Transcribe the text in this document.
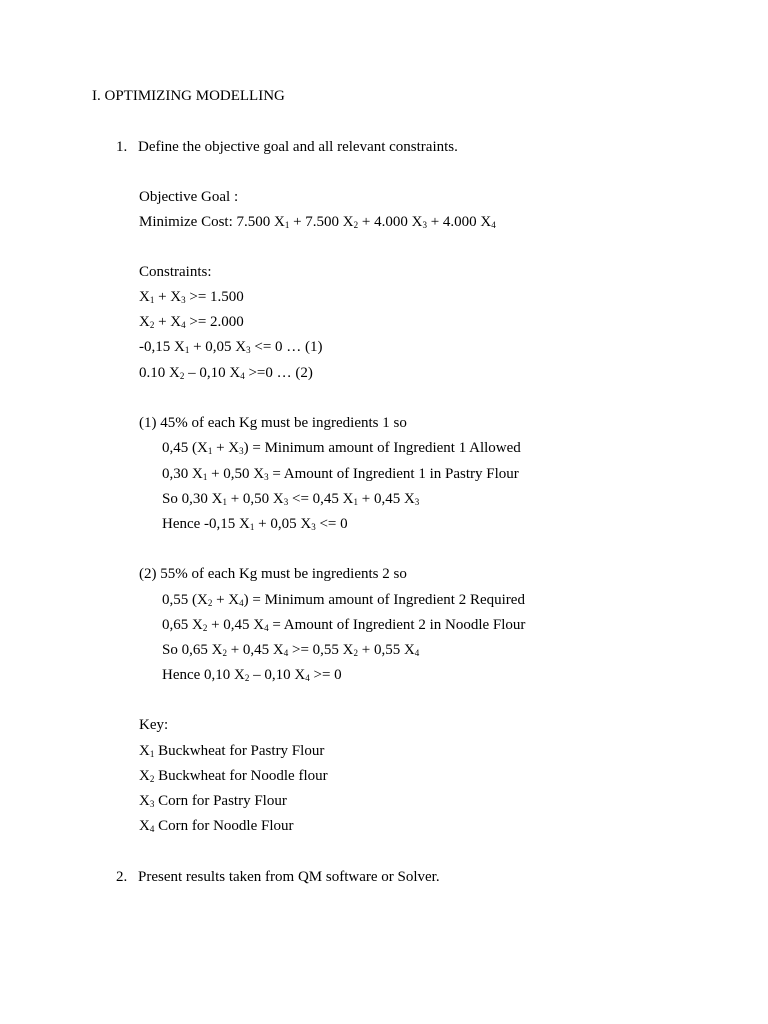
I. OPTIMIZING MODELLING
1. Define the objective goal and all relevant constraints.
Objective Goal :
Minimize Cost: 7.500 $X_1 + 7.500$ $X_2 + 4.000$ $X_3 + 4.000$ $X_4$
Constraints:
$X_1 + X_3 >= 1.500$
$X_2 + X_4 >= 2.000$
-0,15 $X_1 + 0,05$ $X_3 <= 0$ … (1)
0.10 $X_2 - 0,10$ $X_4 >=0$ … (2)
(1) 45% of each Kg must be ingredients 1 so
0,45 $(X_1 + X_3)$ = Minimum amount of Ingredient 1 Allowed
0,30 $X_1 + 0,50$ $X_3$ = Amount of Ingredient 1 in Pastry Flour
So 0,30 $X_1 + 0,50$ $X_3 <= 0,45$ $X_1 + 0,45$ $X_3$
Hence -0,15 $X_1 + 0,05$ $X_3 <= 0$
(2) 55% of each Kg must be ingredients 2 so
0,55 $(X_2 + X_4)$ = Minimum amount of Ingredient 2 Required
0,65 $X_2 + 0,45$ $X_4$ = Amount of Ingredient 2 in Noodle Flour
So 0,65 $X_2 + 0,45$ $X_4 >= 0,55$ $X_2 + 0,55$ $X_4$
Hence 0,10 $X_2 - 0,10$ $X_4 >= 0$
Key:
$X_1$ Buckwheat for Pastry Flour
$X_2$ Buckwheat for Noodle flour
$X_3$ Corn for Pastry Flour
$X_4$ Corn for Noodle Flour
2. Present results taken from QM software or Solver.
